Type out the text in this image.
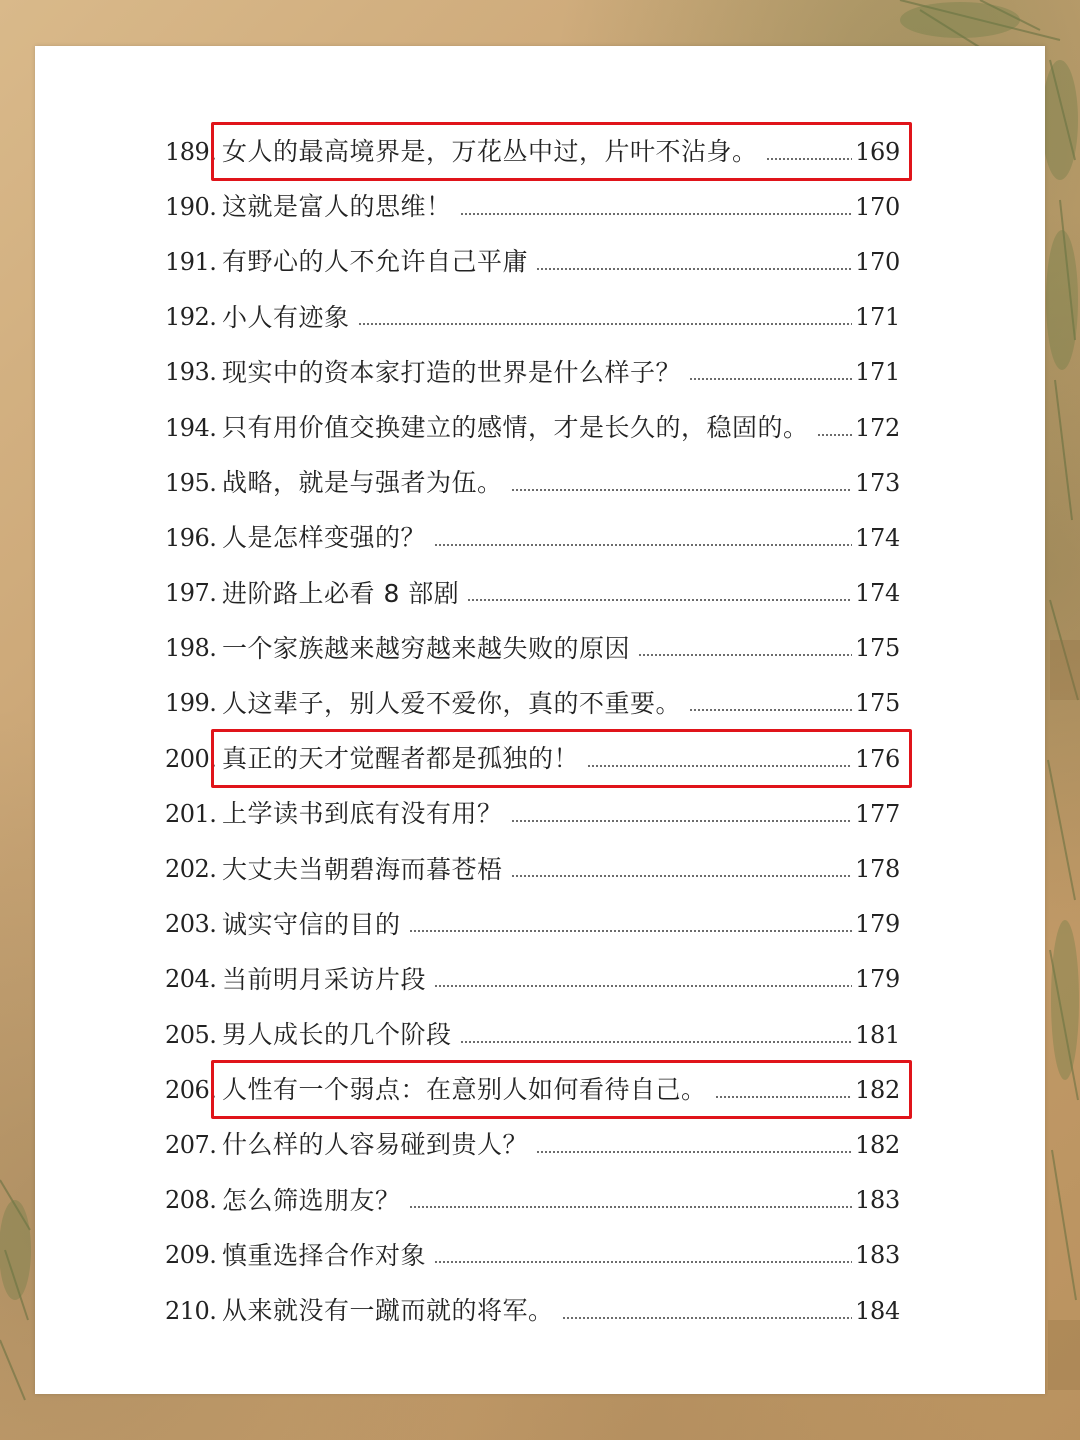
189. 女人的最高境界是，万花丛中过，片叶不沾身。	169
190. 这就是富人的思维！	170
191. 有野心的人不允许自己平庸	170
192. 小人有迹象	171
193. 现实中的资本家打造的世界是什么样子？	171
194. 只有用价值交换建立的感情，才是长久的，稳固的。 172
195. 战略，就是与强者为伍。	173
196. 人是怎样变强的？	174
197. 进阶路上必看 8 部剧	174
198. 一个家族越来越穷越来越失败的原因	175
199. 人这辈子，别人爱不爱你，真的不重要。	175
200. 真正的天才觉醒者都是孤独的！	176
201. 上学读书到底有没有用？	177
202. 大丈夫当朝碧海而暮苍梧	178
203. 诚实守信的目的	179
204. 当前明月采访片段	179
205. 男人成长的几个阶段	181
206. 人性有一个弱点：在意别人如何看待自己。	182
207. 什么样的人容易碰到贵人？	182
208. 怎么筛选朋友？	183
209. 慎重选择合作对象	183
210. 从来就没有一蹴而就的将军。	184
